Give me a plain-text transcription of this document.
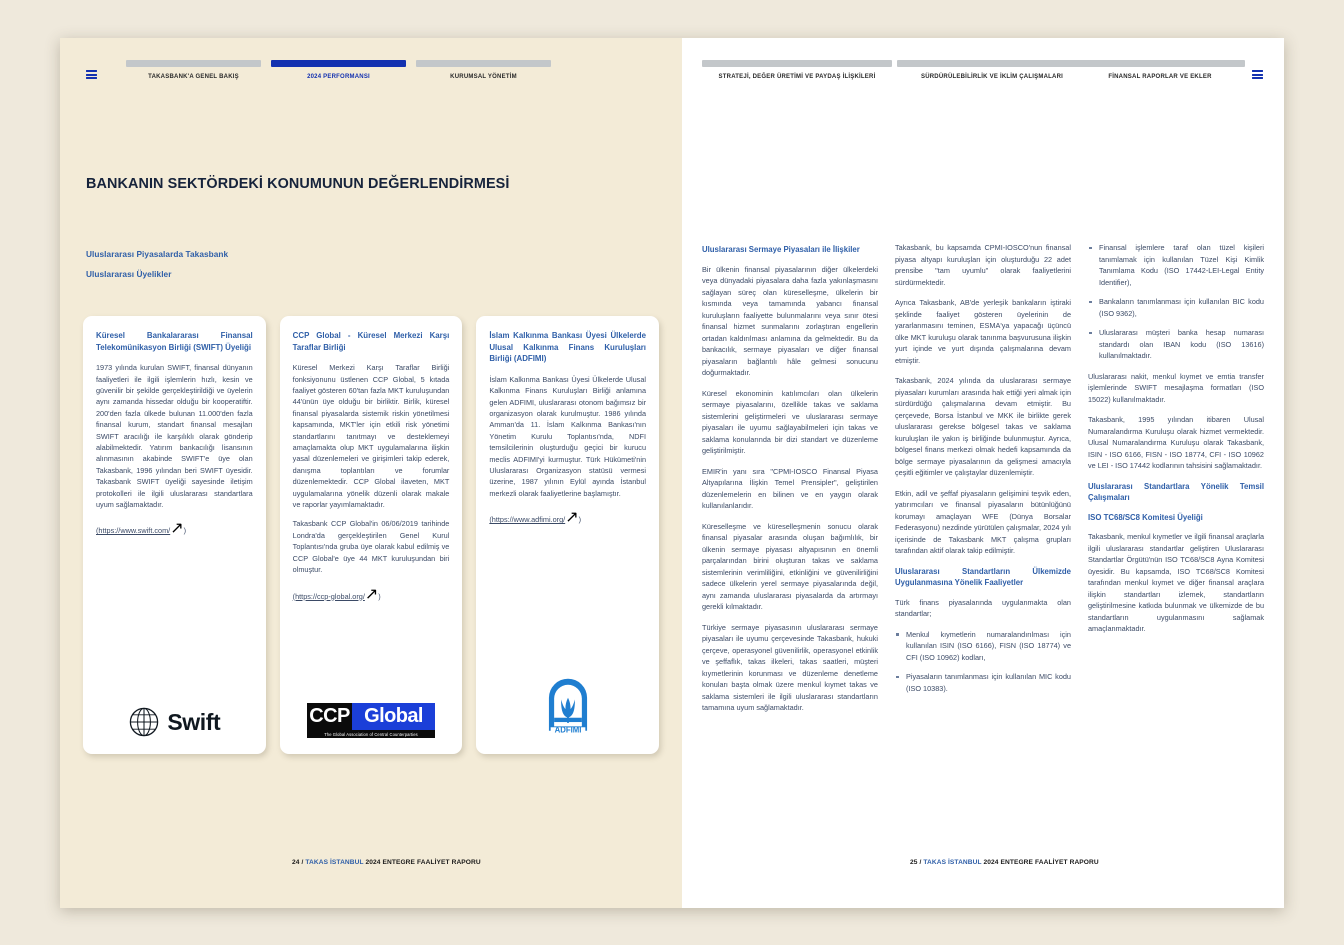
TAKASBANK'A GENEL BAKIŞ	2024 PERFORMANSI	KURUMSAL YÖNETİM
BANKANIN SEKTÖRDEKİ KONUMUNUN DEĞERLENDİRMESİ
Uluslararası Piyasalarda Takasbank
Uluslararası Üyelikler
Küresel Bankalararası Finansal Telekomünikasyon Birliği (SWIFT) Üyeliği

1973 yılında kurulan SWIFT, finansal dünyanın faaliyetleri ile ilgili işlemlerin hızlı, kesin ve güvenilir bir şekilde gerçekleştirildiği ve üyelerin aynı zamanda hissedar olduğu bir kooperatiftir. 200'den fazla ülkede bulunan 11.000'den fazla finansal kurum, standart finansal mesajları SWIFT aracılığı ile karşılıklı olarak gönderip alabilmektedir. Yatırım bankacılığı lisansının alınmasının akabinde SWIFT'e üye olan Takasbank, 1996 yılından beri SWIFT üyesidir. Takasbank SWIFT üyeliği sayesinde iletişim protokolleri ile ilgili uluslararası standartlara uyum sağlamaktadır.

(https://www.swift.com/↗)
Swift
CCP Global - Küresel Merkezi Karşı Taraflar Birliği

Küresel Merkezi Karşı Taraflar Birliği fonksiyonunu üstlenen CCP Global, 5 kıtada faaliyet gösteren 60'tan fazla MKT kuruluşundan 44'ünün üye olduğu bir birliktir. Birlik, küresel finansal piyasalarda sistemik riskin yönetilmesi kapsamında, MKT'ler için etkili risk yönetimi standartlarını tanıtmayı ve desteklemeyi amaçlamakta olup MKT uygulamalarına ilişkin yasal düzenlemeleri ve girişimleri takip ederek, danışma toplantıları ve forumlar düzenlemektedir. CCP Global ilaveten, MKT uygulamalarına yönelik düzenli olarak makale ve raporlar yayımlamaktadır.

Takasbank CCP Global'in 06/06/2019 tarihinde Londra'da gerçekleştirilen Genel Kurul Toplantısı'nda gruba üye olarak kabul edilmiş ve CCP Global'e üye 44 MKT kuruluşundan biri olmuştur.

(https://ccp-global.org/↗)
CCP Global
The Global Association of Central Counterparties
İslam Kalkınma Bankası Üyesi Ülkelerde Ulusal Kalkınma Finans Kuruluşları Birliği (ADFIMI)

İslam Kalkınma Bankası Üyesi Ülkelerde Ulusal Kalkınma Finans Kuruluşları Birliği anlamına gelen ADFIMI, uluslararası otonom bağımsız bir organizasyon olarak kurulmuştur. 1986 yılında Amman'da 11. İslam Kalkınma Bankası'nın Yönetim Kurulu Toplantısı'nda, NDFI temsilcilerinin oluşturduğu geçici bir kurucu meclis ADFIMI'yi kurmuştur. Türk Hükümeti'nin Uluslararası Organizasyon statüsü vermesi üzerine, 1987 yılının Eylül ayında İstanbul merkezli olarak faaliyetlerine başlamıştır.

(https://www.adfimi.org/↗)
ADFIMI
24 / TAKAS İSTANBUL 2024 ENTEGRE FAALİYET RAPORU
STRATEJİ, DEĞER ÜRETİMİ VE PAYDAŞ İLİŞKİLERİ	SÜRDÜRÜLEBİLİRLİK VE İKLİM ÇALIŞMALARI	FİNANSAL RAPORLAR VE EKLER
Uluslararası Sermaye Piyasaları ile İlişkiler

Bir ülkenin finansal piyasalarının diğer ülkelerdeki veya dünyadaki piyasalara daha fazla yakınlaşmasını sağlayan süreç olan küreselleşme, ülkelerin bir kısmında veya tamamında yabancı finansal kuruluşların faaliyette bulunmalarını veya sınır ötesi finansal hizmet sunmalarını zorlaştıran engellerin ortadan kaldırılması anlamına da gelmektedir. Bu da bankacılık, sermaye piyasaları ve diğer finansal piyasaların bağlantılı hâle gelmesi sonucunu doğurmaktadır.

Küresel ekonominin katılımcıları olan ülkelerin sermaye piyasalarını, özellikle takas ve saklama sistemlerini geliştirmeleri ve uluslararası sermaye piyasaları ile uyumu sağlayabilmeleri için takas ve saklama konularında bir dizi standart ve düzenleme geliştirilmiştir.

EMIR'in yanı sıra "CPMI-IOSCO Finansal Piyasa Altyapılarına İlişkin Temel Prensipler", geliştirilen düzenlemelerin en bilinen ve en yaygın olarak kullanılanlarıdır.

Küreselleşme ve küreselleşmenin sonucu olarak finansal piyasalar arasında oluşan bağımlılık, bir ülkenin sermaye piyasası altyapısının en önemli parçalarından birini oluşturan takas ve saklama sistemlerinin verimliliğini, etkinliğini ve güvenilirliğini sadece ülkelerin yerel sermaye piyasalarında değil, aynı zamanda uluslararası piyasalarda da artırmayı gerekli kılmaktadır.

Türkiye sermaye piyasasının uluslararası sermaye piyasaları ile uyumu çerçevesinde Takasbank, hukuki çerçeve, operasyonel güvenilirlik, operasyonel etkinlik ve şeffaflık, takas ilkeleri, takas saatleri, müşteri kıymetlerinin korunması ve düzenleme denetleme konuları başta olmak üzere menkul kıymet takas ve saklama sistemleri ile ilgili uluslararası standartların tamamına uyum sağlamaktadır.

Takasbank, bu kapsamda CPMI-IOSCO'nun finansal piyasa altyapı kuruluşları için oluşturduğu 22 adet prensibe "tam uyumlu" olarak faaliyetlerini sürdürmektedir.

Ayrıca Takasbank, AB'de yerleşik bankaların iştiraki şeklinde faaliyet gösteren üyelerinin de yararlanmasını teminen, ESMA'ya yapacağı üçüncü ülke MKT kuruluşu olarak tanınma başvurusuna ilişkin yurt içinde ve yurt dışında çalışmalarına devam etmiştir.

Takasbank, 2024 yılında da uluslararası sermaye piyasaları kurumları arasında hak ettiği yeri almak için sürdürdüğü çalışmalarına devam etmiştir. Bu çerçevede, Borsa İstanbul ve MKK ile birlikte gerek uluslararası gerekse bölgesel takas ve saklama kuruluşları ile yakın iş birliğinde bulunmuştur. Ayrıca, bölgesel finans merkezi olmak hedefi kapsamında da bölge sermaye piyasalarının da gelişmesi amacıyla çeşitli eğitimler ve çalıştaylar düzenlemiştir.

Etkin, adil ve şeffaf piyasaların gelişimini teşvik eden, yatırımcıları ve finansal piyasaların bütünlüğünü korumayı amaçlayan WFE (Dünya Borsalar Federasyonu) nezdinde yürütülen çalışmalar, 2024 yılı içerisinde de Takasbank MKT çalışma grupları tarafından aktif olarak takip edilmiştir.

Uluslararası Standartların Ülkemizde Uygulanmasına Yönelik Faaliyetler

Türk finans piyasalarında uygulanmakta olan standartlar;

Menkul kıymetlerin numaralandırılması için kullanılan ISIN (ISO 6166), FISN (ISO 18774) ve CFI (ISO 10962) kodları,
Piyasaların tanımlanması için kullanılan MIC kodu (ISO 10383).
Finansal işlemlere taraf olan tüzel kişileri tanımlamak için kullanılan Tüzel Kişi Kimlik Tanımlama Kodu (ISO 17442-LEI-Legal Entity Identifier),
Bankaların tanımlanması için kullanılan BIC kodu (ISO 9362),
Uluslararası müşteri banka hesap numarası standardı olan IBAN kodu (ISO 13616) kullanılmaktadır.

Uluslararası nakit, menkul kıymet ve emtia transfer işlemlerinde SWIFT mesajlaşma formatları (ISO 15022) kullanılmaktadır.

Takasbank, 1995 yılından itibaren Ulusal Numaralandırma Kuruluşu olarak hizmet vermektedir. Ulusal Numaralandırma Kuruluşu olarak Takasbank, ISIN - ISO 6166, FISN - ISO 18774, CFI - ISO 10962 ve LEI - ISO 17442 kodlarının tahsisini sağlamaktadır.

Uluslararası Standartlara Yönelik Temsil Çalışmaları
ISO TC68/SC8 Komitesi Üyeliği

Takasbank, menkul kıymetler ve ilgili finansal araçlarla ilgili uluslararası standartlar geliştiren Uluslararası Standartlar Örgütü'nün ISO TC68/SC8 Ayna Komitesi üyesidir. Bu kapsamda, ISO TC68/SC8 Komitesi tarafından menkul kıymet ve diğer finansal araçlara ilişkin standartları izlemek, standartların geliştirilmesine katkıda bulunmak ve ülkemizde de bu standartların uygulanmasını sağlamak amaçlanmaktadır.

25 / TAKAS İSTANBUL 2024 ENTEGRE FAALİYET RAPORU
